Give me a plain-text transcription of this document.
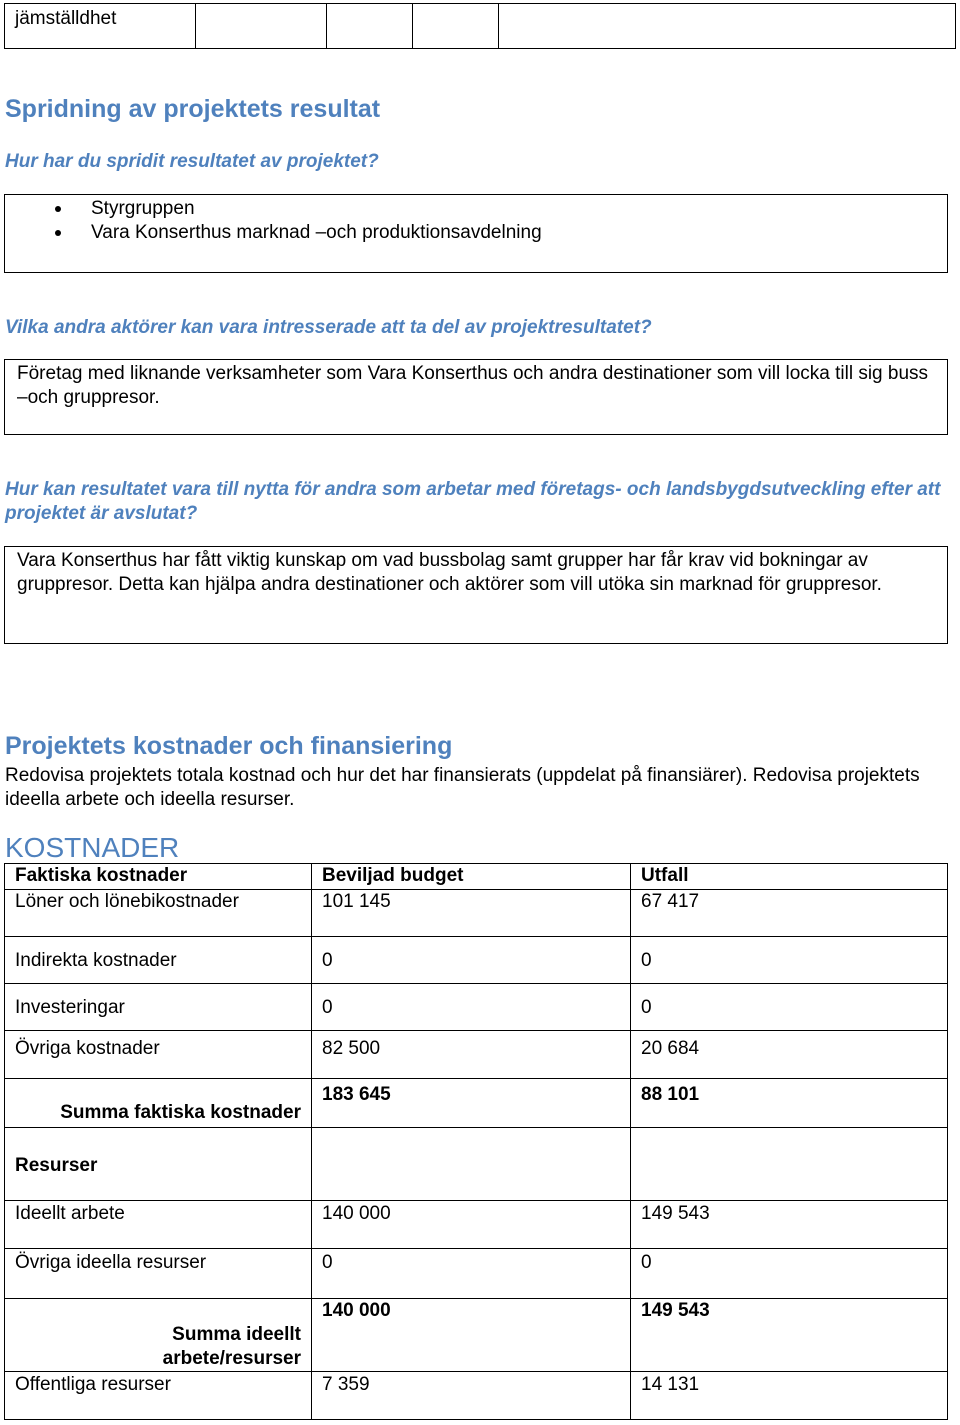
jämställdhet				
Spridning av projektets resultat

Hur har du spridit resultatet av projektet?

Styrgruppen
Vara Konserthus marknad –och produktionsavdelning

Vilka andra aktörer kan vara intresserade att ta del av projektresultatet?

Företag med liknande verksamheter som Vara Konserthus och andra destinationer som vill locka till sig buss –och gruppresor.

Hur kan resultatet vara till nytta för andra som arbetar med företags- och landsbygdsutveckling efter att projektet är avslutat?

Vara Konserthus har fått viktig kunskap om vad bussbolag samt grupper har får krav vid bokningar av gruppresor. Detta kan hjälpa andra destinationer och aktörer som vill utöka sin marknad för gruppresor.
Projektets kostnader och finansiering
Redovisa projektets totala kostnad och hur det har finansierats (uppdelat på finansiärer). Redovisa projektets ideella arbete och ideella resurser.
KOSTNADER
Faktiska kostnader	Beviljad budget	Utfall
Löner och lönebikostnader	101 145	67 417
Indirekta kostnader	0	0
Investeringar	0	0
Övriga kostnader	82 500	20 684
Summa faktiska kostnader	183 645	88 101
Resurser		
Ideellt arbete	140 000	149 543
Övriga ideella resurser	0	0
Summa ideellt arbete/resurser	140 000	149 543
Offentliga resurser	7 359	14 131
